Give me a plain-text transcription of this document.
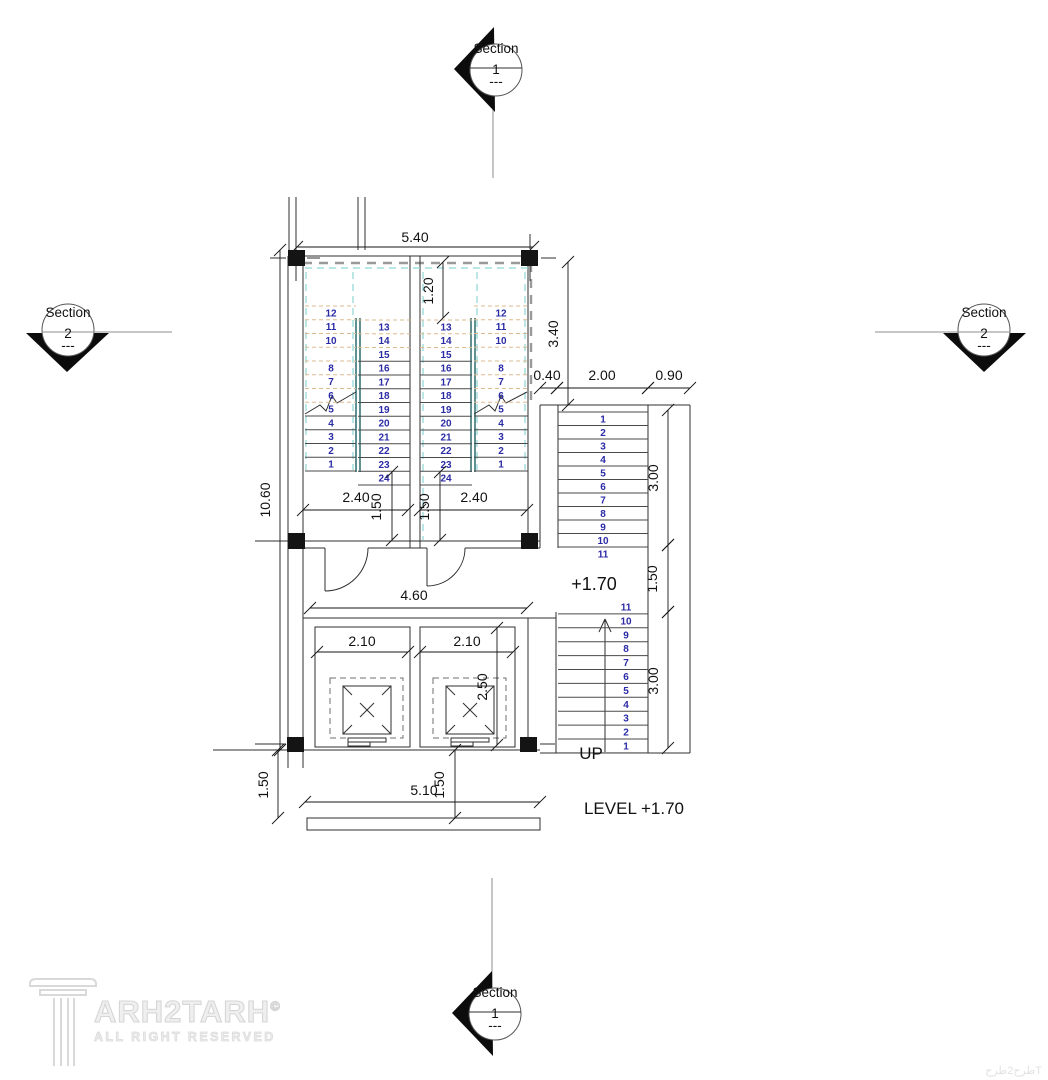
Section
1
---
Section
2
---
Section
2
---
Section
1
---
12
11
10
8
7
6
5
4
3
2
1
13
14
15
16
17
18
19
20
21
22
23
24
13
14
15
16
17
18
19
20
21
22
23
24
12
11
10
8
7
6
5
4
3
2
1
1
2
3
4
5
6
7
8
9
10
11
11
10
9
8
7
6
5
4
3
2
1
5.40
10.60
1.20
3.40
0.40 2.00	0.90
3.00
1.50
3.00
2.40
1.50 1.50 2.40
4.60
2.10	2.10
2.50
1.50	1.50
5.10
+1.70
UP
LEVEL +1.70
ARH2TARH©
ALL RIGHT RESERVED
طرح2طرحT
